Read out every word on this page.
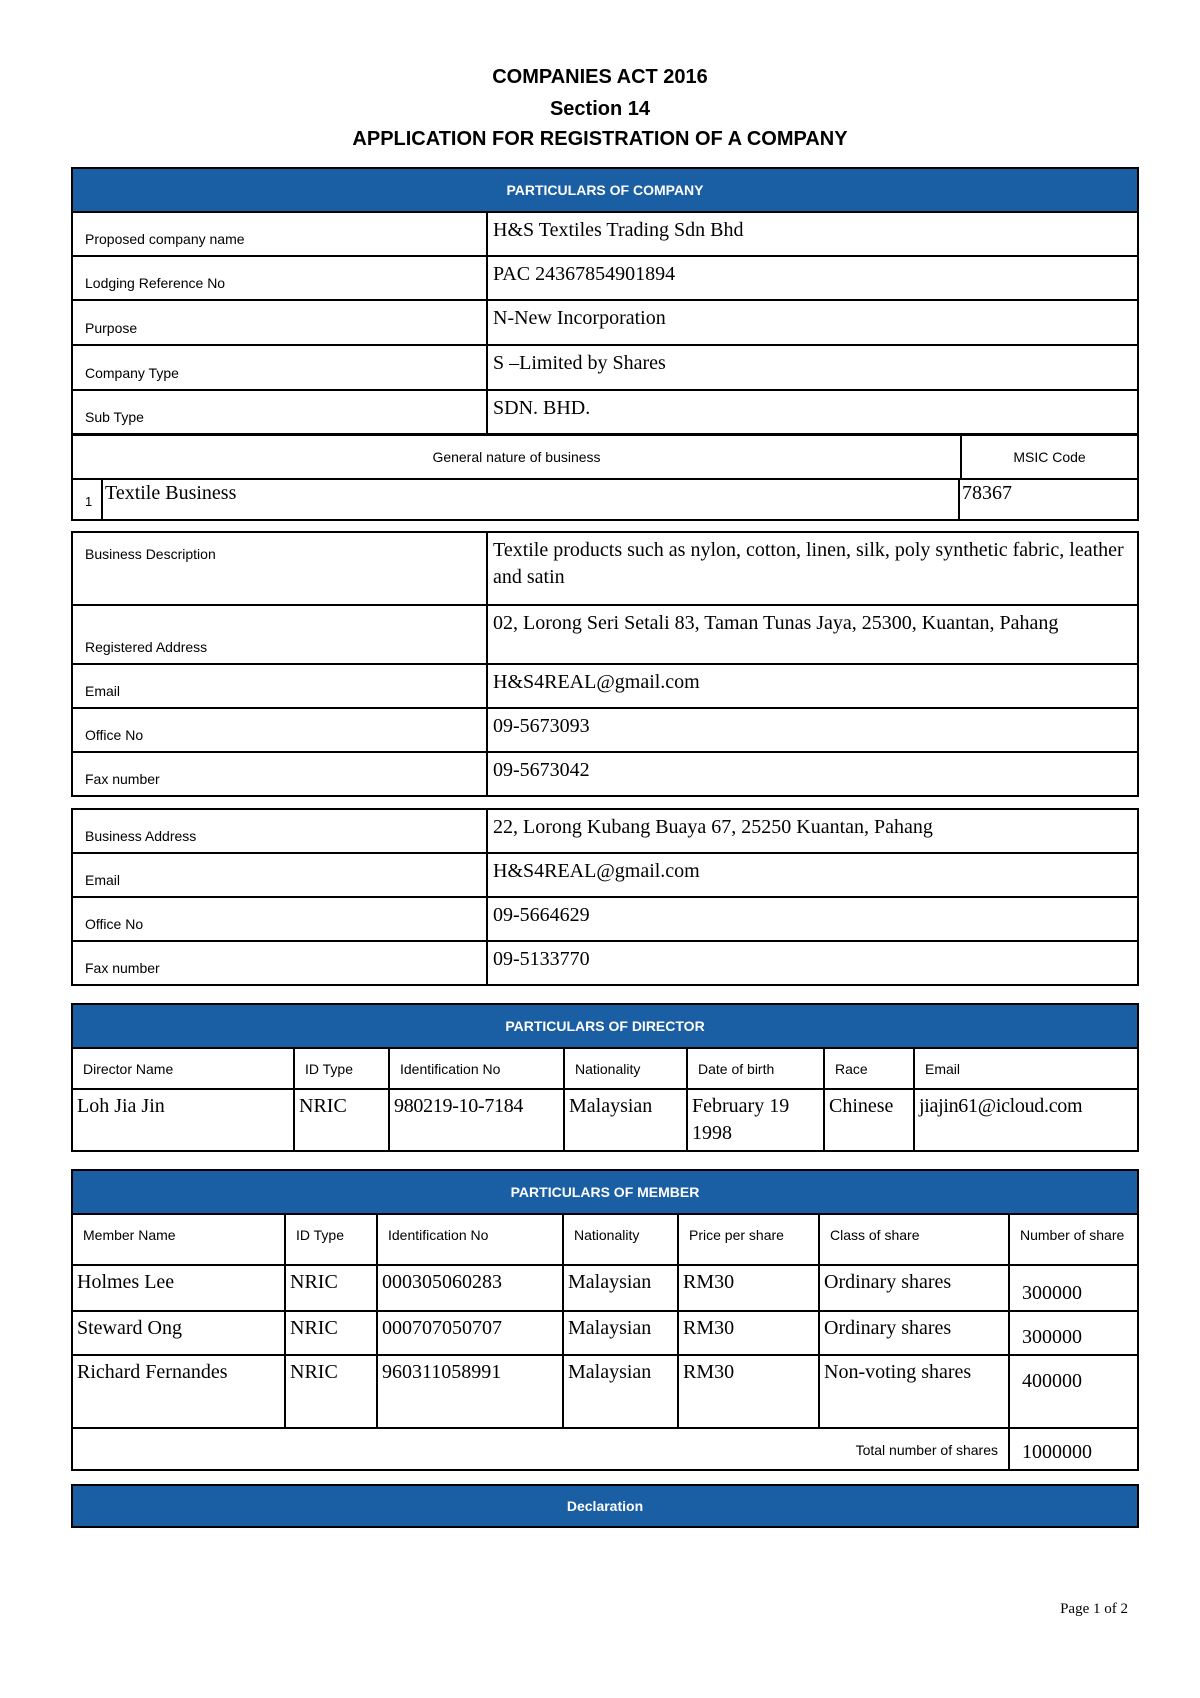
COMPANIES ACT 2016
Section 14
APPLICATION FOR REGISTRATION OF A COMPANY
PARTICULARS OF COMPANY
Proposed company name	H&S Textiles Trading Sdn Bhd
Lodging Reference No	PAC 24367854901894
Purpose	N-New Incorporation
Company Type	S –Limited by Shares
Sub Type	SDN. BHD.
General nature of business	MSIC Code
1 Textile Business	78367
Business Description	Textile products such as nylon, cotton, linen, silk, poly synthetic fabric, leather and satin
Registered Address
02, Lorong Seri Setali 83, Taman Tunas Jaya, 25300, Kuantan, Pahang
Email	H&S4REAL@gmail.com
Office No	09-5673093
Fax number	09-5673042
Business Address	22, Lorong Kubang Buaya 67, 25250 Kuantan, Pahang
Email	H&S4REAL@gmail.com
Office No	09-5664629
Fax number	09-5133770
PARTICULARS OF DIRECTOR
Director Name	ID Type	Identification No	Nationality	Date of birth	Race	Email
Loh Jia Jin	NRIC	980219-10-7184	Malaysian	February 19 1998	Chinese	jiajin61@icloud.com
PARTICULARS OF MEMBER
Member Name	ID Type	Identification No	Nationality	Price per share	Class of share	Number of share
Holmes Lee	NRIC	000305060283	Malaysian	RM30	Ordinary shares	300000
Steward Ong	NRIC	000707050707	Malaysian	RM30	Ordinary shares	300000
Richard Fernandes	NRIC	960311058991	Malaysian	RM30	Non-voting shares	400000
Total number of shares						1000000
Declaration
Page 1 of 2
